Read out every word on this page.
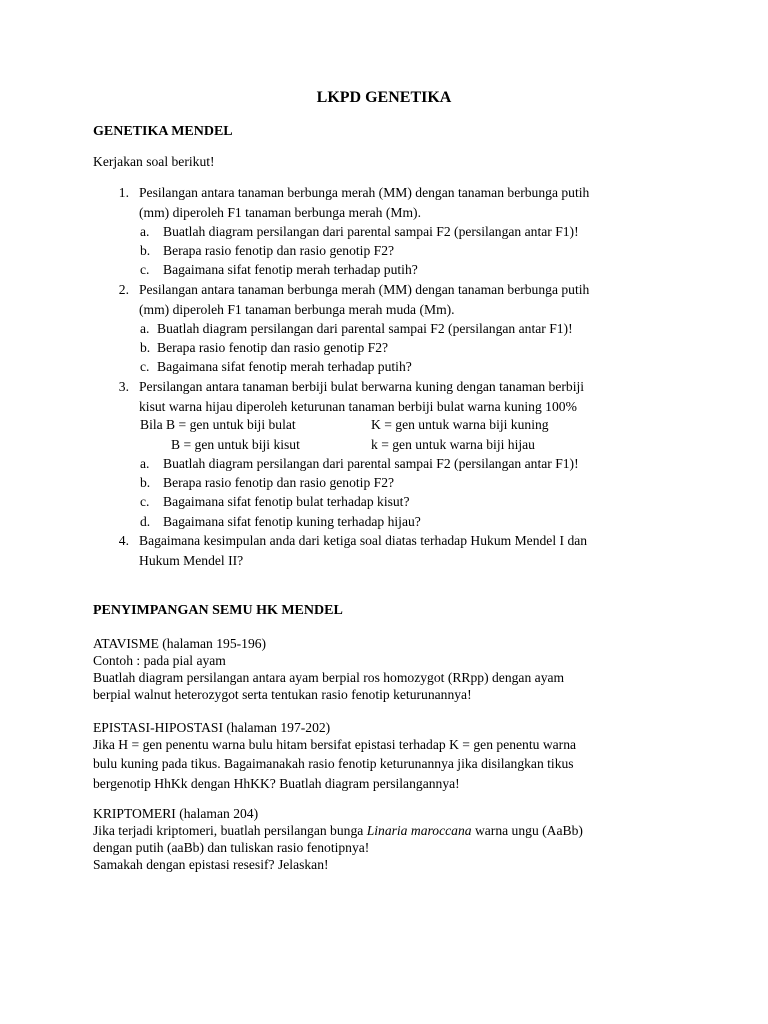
LKPD GENETIKA
GENETIKA MENDEL
Kerjakan soal berikut!
1. Pesilangan antara tanaman berbunga merah (MM) dengan tanaman berbunga putih
(mm) diperoleh F1 tanaman berbunga merah (Mm).
a. Buatlah diagram persilangan dari parental sampai F2 (persilangan antar F1)!
b. Berapa rasio fenotip dan rasio genotip F2?
c. Bagaimana sifat fenotip merah terhadap putih?
2. Pesilangan antara tanaman berbunga merah (MM) dengan tanaman berbunga putih
(mm) diperoleh F1 tanaman berbunga merah muda (Mm).
a. Buatlah diagram persilangan dari parental sampai F2 (persilangan antar F1)!
b. Berapa rasio fenotip dan rasio genotip F2?
c. Bagaimana sifat fenotip merah terhadap putih?
3. Persilangan antara tanaman berbiji bulat berwarna kuning dengan tanaman berbiji
kisut warna hijau diperoleh keturunan tanaman berbiji bulat warna kuning 100%
Bila B = gen untuk biji bulat	K = gen untuk warna biji kuning
B = gen untuk biji kisut	k = gen untuk warna biji hijau
a. Buatlah diagram persilangan dari parental sampai F2 (persilangan antar F1)!
b. Berapa rasio fenotip dan rasio genotip F2?
c. Bagaimana sifat fenotip bulat terhadap kisut?
d. Bagaimana sifat fenotip kuning terhadap hijau?
4. Bagaimana kesimpulan anda dari ketiga soal diatas terhadap Hukum Mendel I dan
Hukum Mendel II?
PENYIMPANGAN SEMU HK MENDEL
ATAVISME (halaman 195-196)
Contoh : pada pial ayam
Buatlah diagram persilangan antara ayam berpial ros homozygot (RRpp) dengan ayam
berpial walnut heterozygot serta tentukan rasio fenotip keturunannya!
EPISTASI-HIPOSTASI (halaman 197-202)
Jika H = gen penentu warna bulu hitam bersifat epistasi terhadap K = gen penentu warna
bulu kuning pada tikus. Bagaimanakah rasio fenotip keturunannya jika disilangkan tikus
bergenotip HhKk dengan HhKK? Buatlah diagram persilangannya!
KRIPTOMERI (halaman 204)
Jika terjadi kriptomeri, buatlah persilangan bunga Linaria maroccana warna ungu (AaBb)
dengan putih (aaBb) dan tuliskan rasio fenotipnya!
Samakah dengan epistasi resesif? Jelaskan!
